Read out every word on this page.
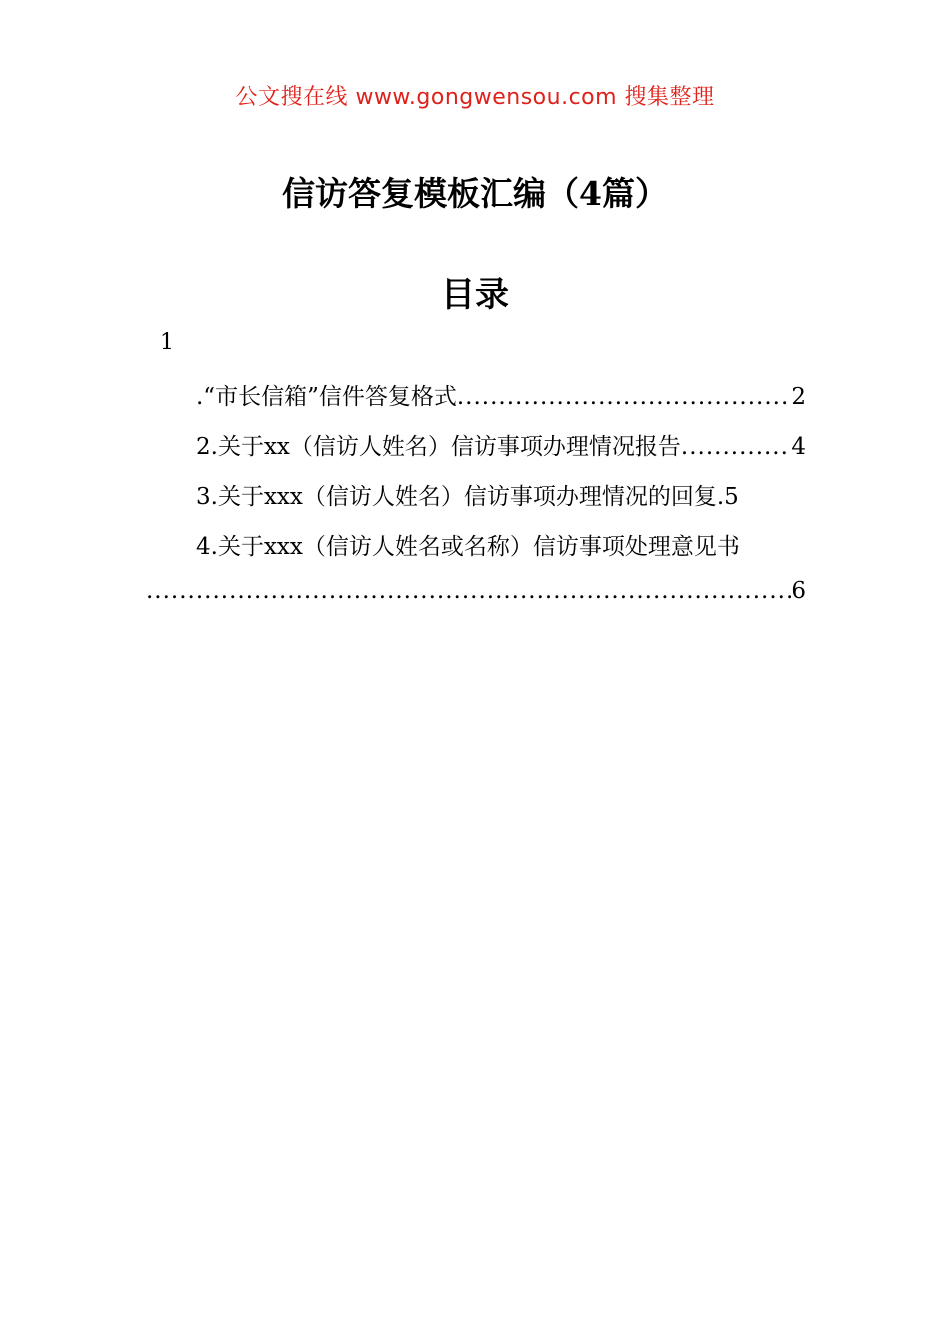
公文搜在线 www.gongwensou.com 搜集整理
信访答复模板汇编（4篇）
目录
1
.“市长信箱”信件答复格式 .....	2
2.关于xx（信访人姓名）信访事项办理情况报告 .....	4
3.关于xxx（信访人姓名）信访事项办理情况的回复. 5
4.关于xxx（信访人姓名或名称）信访事项处理意见书
.....
6
